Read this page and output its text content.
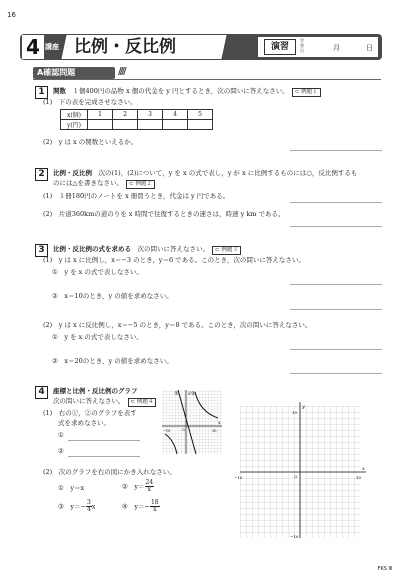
16
4 講座 比例・反比例	演習
学習日	月	日
A確認問題	////
1	関数　 １個400円の品物 x 個の代金を y 円とするとき，次の問いに答えなさい。 ⊂ 例題１
(1)　 下の表を完成させなさい。
x(個)	1	2	3	4	5
y(円)					
(2)　 y は x の関数といえるか。
2	比例・反比例　 次の(1)，(2)について，y を x の式で表し，y が x に比例するものには○，反比例するも
のには△を書きなさい。 ⊂ 例題２
(1)　 １冊180円のノートを x 冊買うとき，代金は y 円である。
(2)　 片道360kmの道のりを x 時間で往復するときの速さは，時速 y km である。
3	比例・反比例の式を求める　 次の問いに答えなさい。 ⊂ 例題３
(1)　 y は x に比例し，x＝−3 のとき，y＝6 である。このとき，次の問いに答えなさい。
①　y を x の式で表しなさい。
②　x＝10のとき，y の値を求めなさい。
(2)　 y は x に反比例し，x＝−5 のとき，y＝8 である。このとき，次の問いに答えなさい。
①　y を x の式で表しなさい。
②　x＝20のとき，y の値を求めなさい。
4	座標と比例・反比例のグラフ
次の問いに答えなさい。 ⊂ 例題４
(1)　 右の①，②のグラフを表す
式を求めなさい。
①
②
(2)　 次のグラフを右の図にかき入れなさい。
①　y＝x	②　$y= \frac{24}{x}$
③　$y=- \frac{3}{4}$ x	④　$y=- \frac{18}{x}$
①	②
x
y
10
−10	O
x
y
10
−10
10
−10
O
FKS Ⅲ
